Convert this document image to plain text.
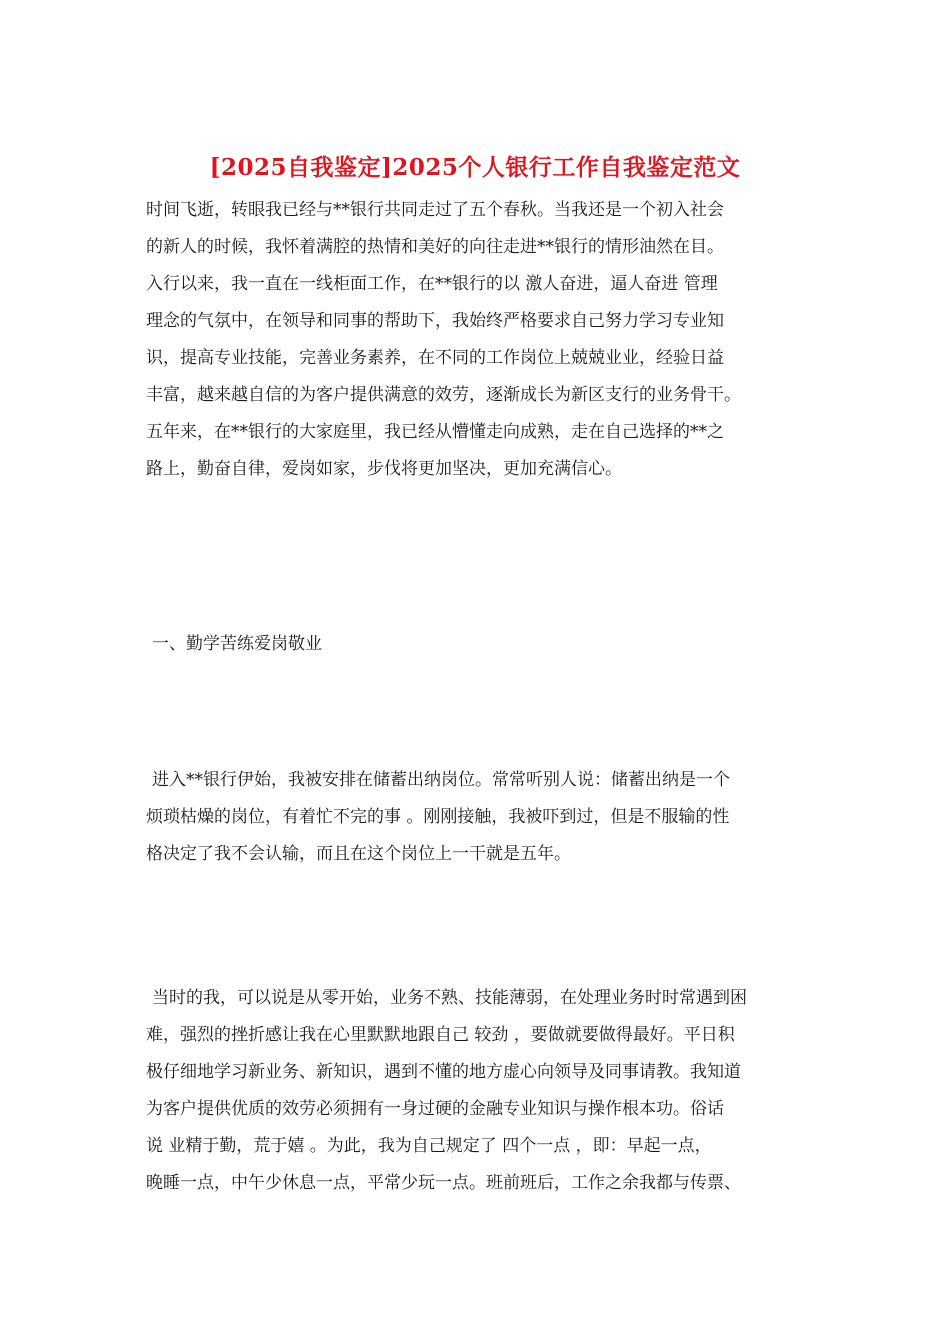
[2025自我鉴定]2025个人银行工作自我鉴定范文
时间飞逝，转眼我已经与**银行共同走过了五个春秋。当我还是一个初入社会
的新人的时候，我怀着满腔的热情和美好的向往走进**银行的情形油然在目。
入行以来，我一直在一线柜面工作，在**银行的以 激人奋进，逼人奋进 管理
理念的气氛中，在领导和同事的帮助下，我始终严格要求自己努力学习专业知
识，提高专业技能，完善业务素养，在不同的工作岗位上兢兢业业，经验日益
丰富，越来越自信的为客户提供满意的效劳，逐渐成长为新区支行的业务骨干。
五年来，在**银行的大家庭里，我已经从懵懂走向成熟，走在自己选择的**之
路上，勤奋自律，爱岗如家，步伐将更加坚决，更加充满信心。
一、勤学苦练爱岗敬业
进入**银行伊始，我被安排在储蓄出纳岗位。常常听别人说：储蓄出纳是一个
烦琐枯燥的岗位，有着忙不完的事 。刚刚接触，我被吓到过，但是不服输的性
格决定了我不会认输，而且在这个岗位上一干就是五年。
当时的我，可以说是从零开始，业务不熟、技能薄弱，在处理业务时时常遇到困
难，强烈的挫折感让我在心里默默地跟自己 较劲 ，要做就要做得最好。平日积
极仔细地学习新业务、新知识，遇到不懂的地方虚心向领导及同事请教。我知道
为客户提供优质的效劳必须拥有一身过硬的金融专业知识与操作根本功。俗话
说 业精于勤，荒于嬉 。为此，我为自己规定了 四个一点 ，即：早起一点，
晚睡一点，中午少休息一点，平常少玩一点。班前班后，工作之余我都与传票、
